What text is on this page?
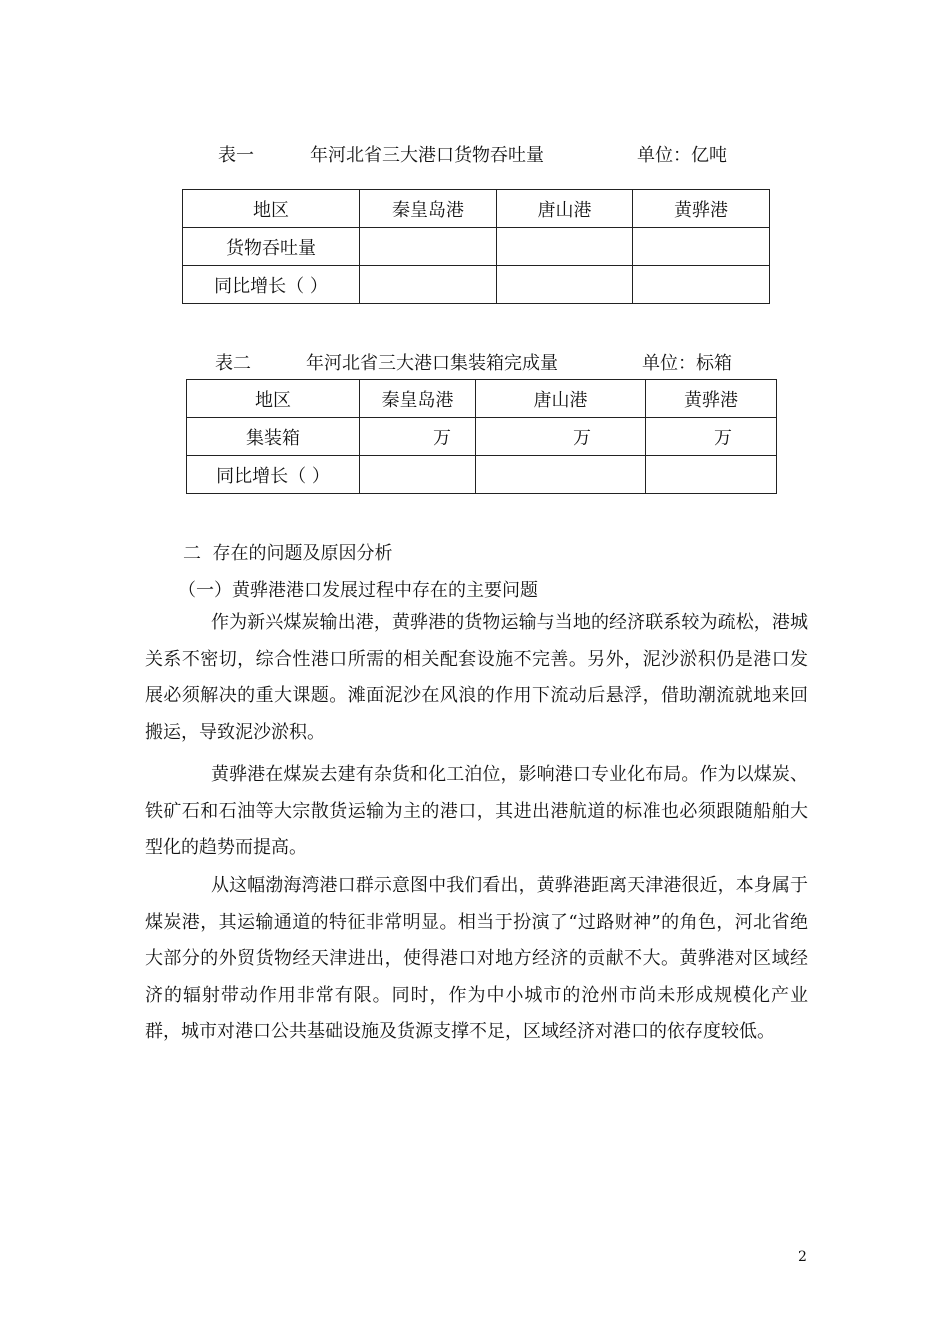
表一	年河北省三大港口货物吞吐量	单位：亿吨
地区	秦皇岛港	唐山港	黄骅港
货物吞吐量			
同比增长（ ）			
表二	年河北省三大港口集装箱完成量	单位：标箱
地区	秦皇岛港	唐山港	黄骅港
集装箱	万	万	万
同比增长（ ）			
二  存在的问题及原因分析
（一）黄骅港港口发展过程中存在的主要问题

作为新兴煤炭输出港，黄骅港的货物运输与当地的经济联系较为疏松，港城关系不密切，综合性港口所需的相关配套设施不完善。另外，泥沙淤积仍是港口发展必须解决的重大课题。滩面泥沙在风浪的作用下流动后悬浮，借助潮流就地来回搬运，导致泥沙淤积。

黄骅港在煤炭去建有杂货和化工泊位，影响港口专业化布局。作为以煤炭、铁矿石和石油等大宗散货运输为主的港口，其进出港航道的标准也必须跟随船舶大型化的趋势而提高。

从这幅渤海湾港口群示意图中我们看出，黄骅港距离天津港很近，本身属于煤炭港，其运输通道的特征非常明显。相当于扮演了“过路财神”的角色，河北省绝大部分的外贸货物经天津进出，使得港口对地方经济的贡献不大。黄骅港对区域经济的辐射带动作用非常有限。同时，作为中小城市的沧州市尚未形成规模化产业群，城市对港口公共基础设施及货源支撑不足，区域经济对港口的依存度较低。

2
